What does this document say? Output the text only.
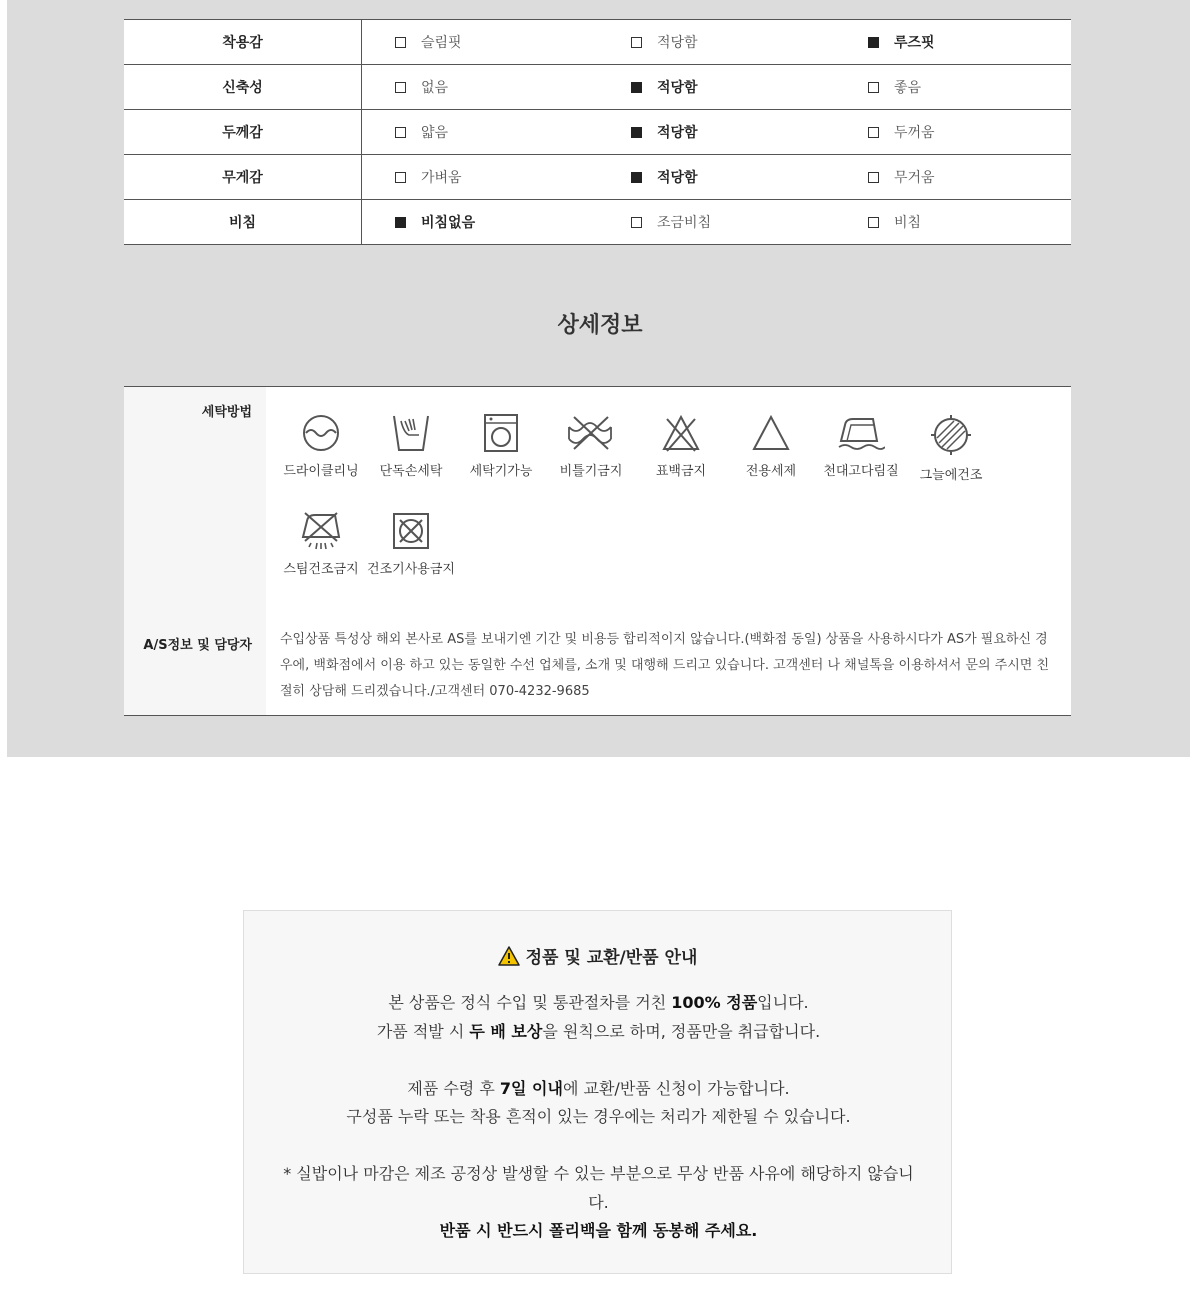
착용감	슬림핏	적당함	루즈핏
신축성	없음	적당함	좋음
두께감	얇음	적당함	두꺼움
무게감	가벼움	적당함	무거움
비침	비침없음	조금비침	비침
상세정보
세탁방법
드라이클리닝	단독손세탁	세탁기가능	비틀기금지	표백금지	전용세제	천대고다림질	그늘에건조
스팀건조금지 건조기사용금지
A/S정보 및 담당자 수입상품 특성상 해외 본사로 AS를 보내기엔 기간 및 비용등 합리적이지 않습니다.(백화점 동일) 상품을 사용하시다가 AS가 필요하신 경우에, 백화점에서 이용 하고 있는 동일한 수선 업체를, 소개 및 대행해 드리고 있습니다. 고객센터 나 채널톡을 이용하셔서 문의 주시면 친절히 상담해 드리겠습니다./고객센터 070-4232-9685
정품 및 교환/반품 안내

본 상품은 정식 수입 및 통관절차를 거친 100% 정품입니다.

가품 적발 시 두 배 보상을 원칙으로 하며, 정품만을 취급합니다.

제품 수령 후 7일 이내에 교환/반품 신청이 가능합니다.

구성품 누락 또는 착용 흔적이 있는 경우에는 처리가 제한될 수 있습니다.

* 실밥이나 마감은 제조 공정상 발생할 수 있는 부분으로 무상 반품 사유에 해당하지 않습니다.

반품 시 반드시 폴리백을 함께 동봉해 주세요.
